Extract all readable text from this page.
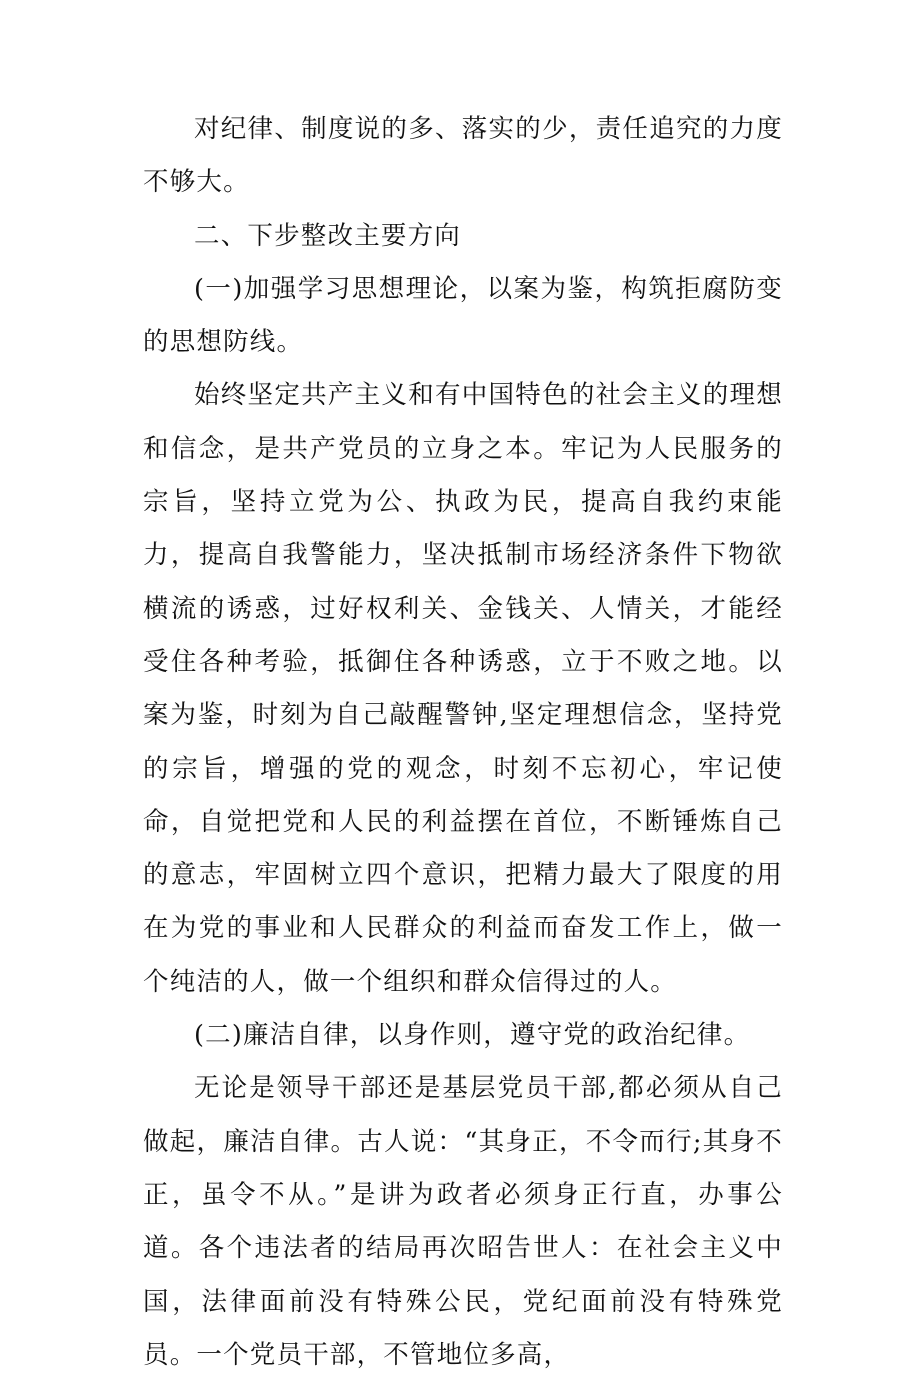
对纪律、制度说的多、落实的少，责任追究的力度不够大。

二、下步整改主要方向

(一)加强学习思想理论，以案为鉴，构筑拒腐防变的思想防线。

始终坚定共产主义和有中国特色的社会主义的理想和信念，是共产党员的立身之本。牢记为人民服务的宗旨，坚持立党为公、执政为民，提高自我约束能力，提高自我警能力，坚决抵制市场经济条件下物欲横流的诱惑，过好权利关、金钱关、人情关，才能经受住各种考验，抵御住各种诱惑，立于不败之地。以案为鉴，时刻为自己敲醒警钟,坚定理想信念，坚持党的宗旨，增强的党的观念，时刻不忘初心，牢记使命，自觉把党和人民的利益摆在首位，不断锤炼自己的意志，牢固树立四个意识，把精力最大了限度的用在为党的事业和人民群众的利益而奋发工作上，做一个纯洁的人，做一个组织和群众信得过的人。

(二)廉洁自律，以身作则，遵守党的政治纪律。

无论是领导干部还是基层党员干部,都必须从自己做起，廉洁自律。古人说：“其身正，不令而行;其身不正，虽令不从。”是讲为政者必须身正行直，办事公道。各个违法者的结局再次昭告世人：在社会主义中国，法律面前没有特殊公民，党纪面前没有特殊党员。一个党员干部，不管地位多高，
